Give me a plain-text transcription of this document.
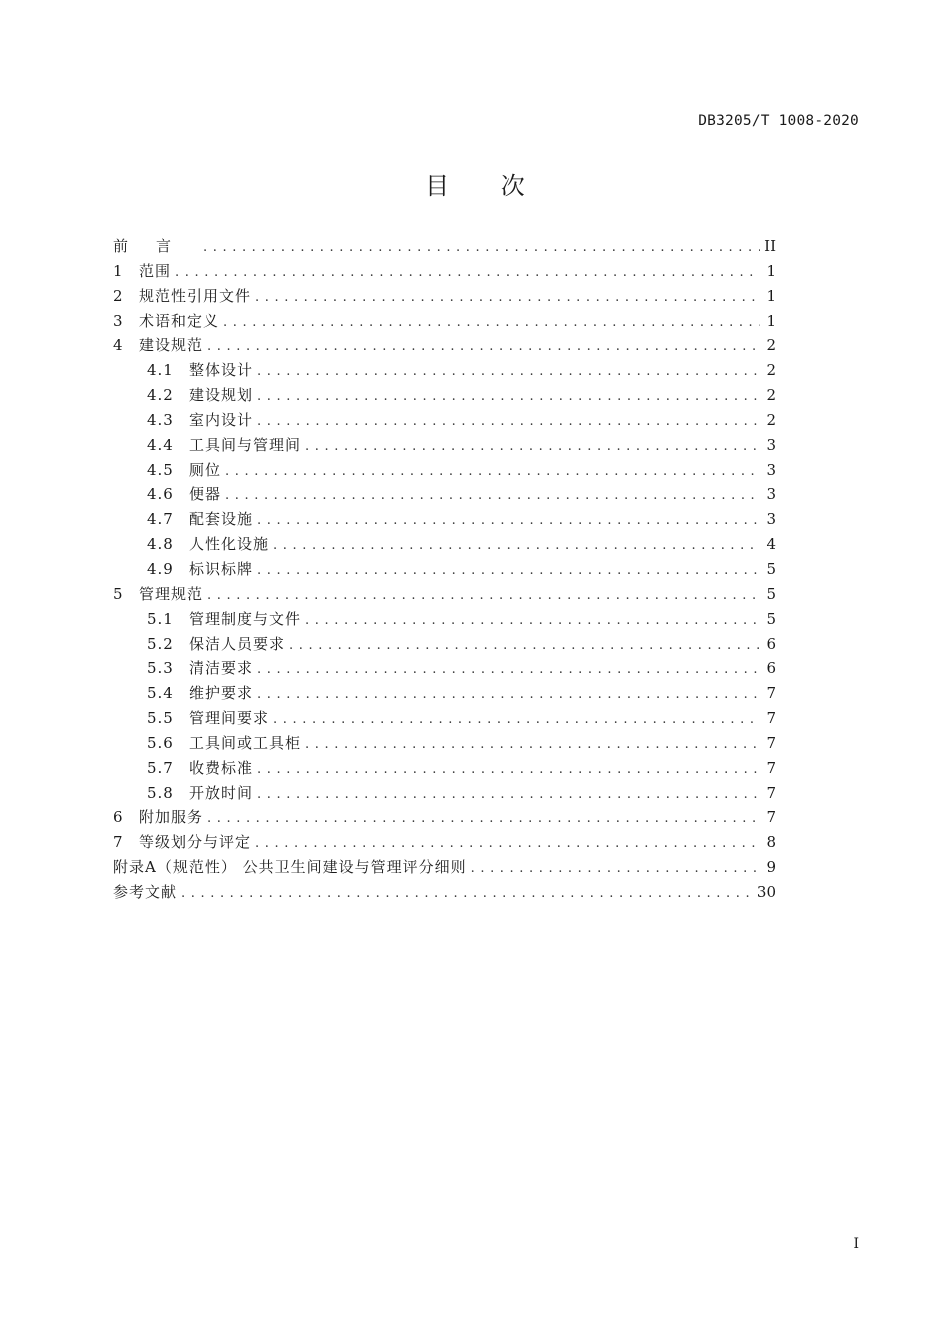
DB3205/T 1008-2020
目 次
前言 .....	II
1	范围 .....	1
2	规范性引用文件 .....	1
3	术语和定义 .....	1
4	建设规范 .....	2
4.1	整体设计 .....	2
4.2	建设规划 .....	2
4.3	室内设计 .....	2
4.4	工具间与管理间 .....	3
4.5	厕位 .....	3
4.6	便器 .....	3
4.7	配套设施 .....	3
4.8	人性化设施 .....	4
4.9	标识标牌 .....	5
5	管理规范 .....	5
5.1	管理制度与文件 .....	5
5.2	保洁人员要求 .....	6
5.3	清洁要求 .....	6
5.4	维护要求 .....	7
5.5	管理间要求 .....	7
5.6	工具间或工具柜 .....	7
5.7	收费标准 .....	7
5.8	开放时间 .....	7
6	附加服务 .....	7
7	等级划分与评定 .....	8
附录A（规范性） 公共卫生间建设与管理评分细则 .....	9
参考文献 .....	30
I
